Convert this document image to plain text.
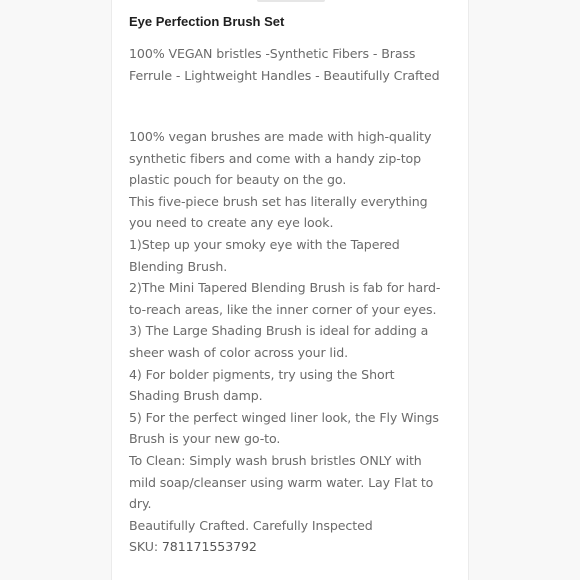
Eye Perfection Brush Set
100% VEGAN bristles -Synthetic Fibers - Brass
Ferrule - Lightweight Handles - Beautifully Crafted
100% vegan brushes are made with high-quality
synthetic fibers and come with a handy zip-top
plastic pouch for beauty on the go.
This five-piece brush set has literally everything
you need to create any eye look.
1)Step up your smoky eye with the Tapered
Blending Brush.
2)The Mini Tapered Blending Brush is fab for hard-
to-reach areas, like the inner corner of your eyes.
3) The Large Shading Brush is ideal for adding a
sheer wash of color across your lid.
4) For bolder pigments, try using the Short
Shading Brush damp.
5) For the perfect winged liner look, the Fly Wings
Brush is your new go-to.
To Clean: Simply wash brush bristles ONLY with
mild soap/cleanser using warm water. Lay Flat to
dry.
Beautifully Crafted. Carefully Inspected
SKU: 781171553792
